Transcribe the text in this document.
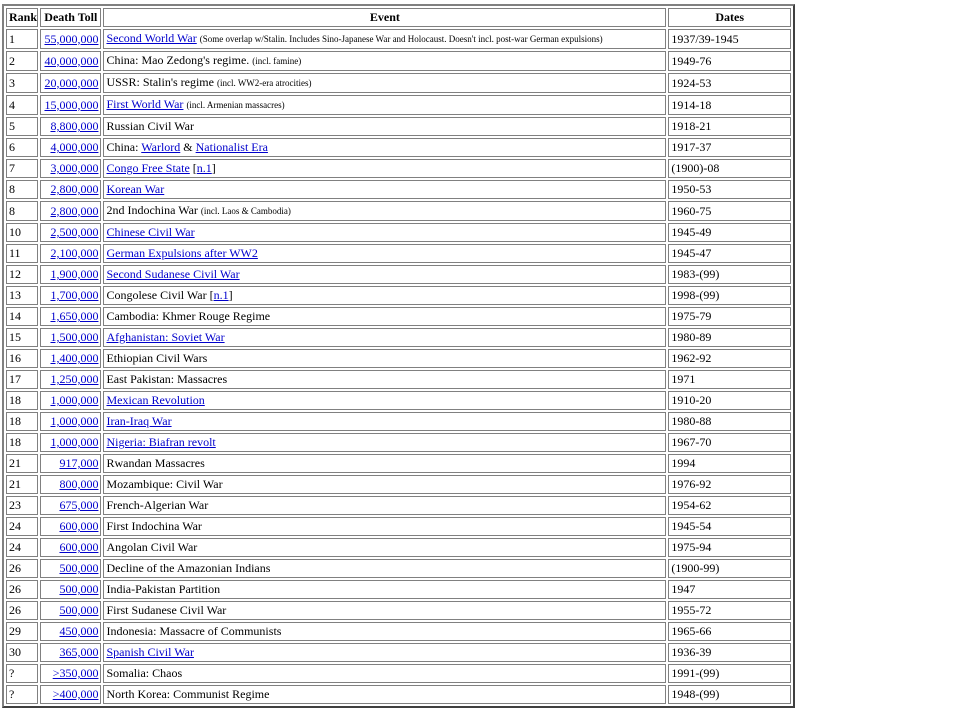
Rank	Death Toll	Event	Dates
1	55,000,000	Second World War (Some overlap w/Stalin. Includes Sino-Japanese War and Holocaust. Doesn't incl. post-war German expulsions)	1937/39-1945
2	40,000,000	China: Mao Zedong's regime. (incl. famine)	1949-76
3	20,000,000	USSR: Stalin's regime (incl. WW2-era atrocities)	1924-53
4	15,000,000	First World War (incl. Armenian massacres)	1914-18
5	8,800,000	Russian Civil War	1918-21
6	4,000,000	China: Warlord & Nationalist Era	1917-37
7	3,000,000	Congo Free State [n.1]	(1900)-08
8	2,800,000	Korean War	1950-53
8	2,800,000	2nd Indochina War (incl. Laos & Cambodia)	1960-75
10	2,500,000	Chinese Civil War	1945-49
11	2,100,000	German Expulsions after WW2	1945-47
12	1,900,000	Second Sudanese Civil War	1983-(99)
13	1,700,000	Congolese Civil War [n.1]	1998-(99)
14	1,650,000	Cambodia: Khmer Rouge Regime	1975-79
15	1,500,000	Afghanistan: Soviet War	1980-89
16	1,400,000	Ethiopian Civil Wars	1962-92
17	1,250,000	East Pakistan: Massacres	1971
18	1,000,000	Mexican Revolution	1910-20
18	1,000,000	Iran-Iraq War	1980-88
18	1,000,000	Nigeria: Biafran revolt	1967-70
21	917,000	Rwandan Massacres	1994
21	800,000	Mozambique: Civil War	1976-92
23	675,000	French-Algerian War	1954-62
24	600,000	First Indochina War	1945-54
24	600,000	Angolan Civil War	1975-94
26	500,000	Decline of the Amazonian Indians	(1900-99)
26	500,000	India-Pakistan Partition	1947
26	500,000	First Sudanese Civil War	1955-72
29	450,000	Indonesia: Massacre of Communists	1965-66
30	365,000	Spanish Civil War	1936-39
?	>350,000	Somalia: Chaos	1991-(99)
?	>400,000	North Korea: Communist Regime	1948-(99)
